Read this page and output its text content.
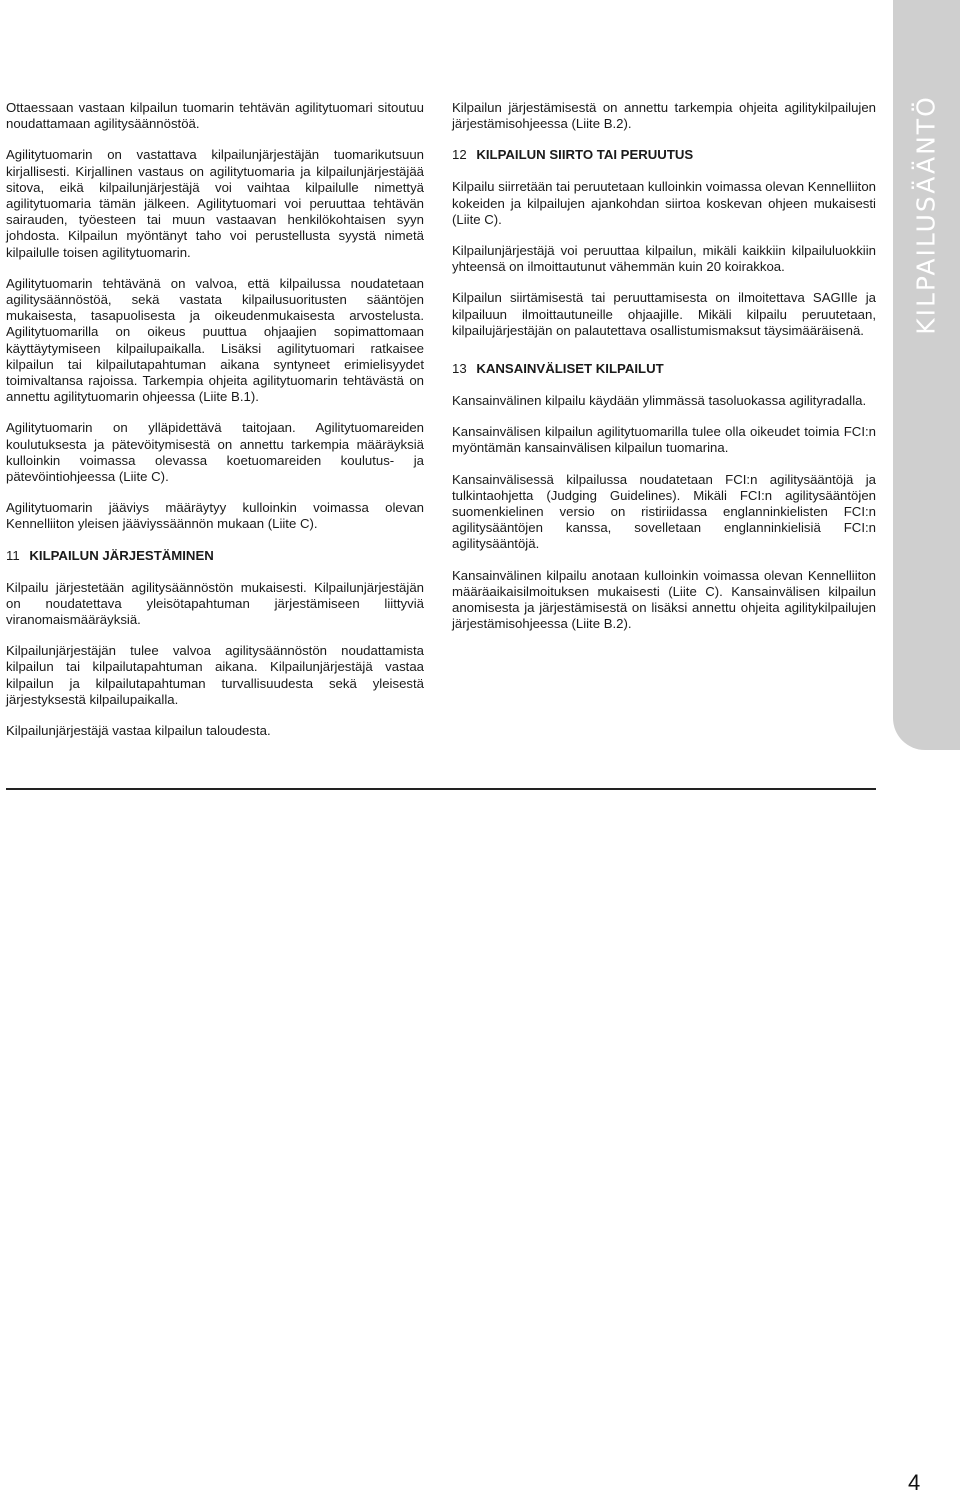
KILPAILUSÄÄNTÖ

Ottaessaan vastaan kilpailun tuomarin tehtävän agilitytuomari sitoutuu noudattamaan agilitysäännöstöä.

Agilitytuomarin on vastattava kilpailunjärjestäjän tuomarikutsuun kirjallisesti. Kirjallinen vastaus on agilitytuomaria ja kilpailunjärjestäjää sitova, eikä kilpailunjärjestäjä voi vaihtaa kilpailulle nimettyä agilitytuomaria tämän jälkeen. Agilitytuomari voi peruuttaa tehtävän sairauden, työesteen tai muun vastaavan henkilökohtaisen syyn johdosta. Kilpailun myöntänyt taho voi perustellusta syystä nimetä kilpailulle toisen agilitytuomarin.

Agilitytuomarin tehtävänä on valvoa, että kilpailussa noudatetaan agilitysäännöstöä, sekä vastata kilpailusuoritusten sääntöjen mukaisesta, tasapuolisesta ja oikeudenmukaisesta arvostelusta. Agilitytuomarilla on oikeus puuttua ohjaajien sopimattomaan käyttäytymiseen kilpailupaikalla. Lisäksi agilitytuomari ratkaisee kilpailun tai kilpailutapahtuman aikana syntyneet erimielisyydet toimivaltansa rajoissa. Tarkempia ohjeita agilitytuomarin tehtävästä on annettu agilitytuomarin ohjeessa (Liite B.1).

Agilitytuomarin on ylläpidettävä taitojaan. Agilitytuomareiden koulutuksesta ja pätevöitymisestä on annettu tarkempia määräyksiä kulloinkin voimassa olevassa koetuomareiden koulutus- ja pätevöintiohjeessa (Liite C).

Agilitytuomarin jääviys määräytyy kulloinkin voimassa olevan Kennelliiton yleisen jääviyssäännön mukaan (Liite C).

11 KILPAILUN JÄRJESTÄMINEN

Kilpailu järjestetään agilitysäännöstön mukaisesti. Kilpailunjärjestäjän on noudatettava yleisötapahtuman järjestämiseen liittyviä viranomaismääräyksiä.

Kilpailunjärjestäjän tulee valvoa agilitysäännöstön noudattamista kilpailun tai kilpailutapahtuman aikana. Kilpailunjärjestäjä vastaa kilpailun ja kilpailutapahtuman turvallisuudesta sekä yleisestä järjestyksestä kilpailupaikalla.

Kilpailunjärjestäjä vastaa kilpailun taloudesta.

Kilpailun järjestämisestä on annettu tarkempia ohjeita agilitykilpailujen järjestämisohjeessa (Liite B.2).

12 KILPAILUN SIIRTO TAI PERUUTUS

Kilpailu siirretään tai peruutetaan kulloinkin voimassa olevan Kennelliiton kokeiden ja kilpailujen ajankohdan siirtoa koskevan ohjeen mukaisesti (Liite C).

Kilpailunjärjestäjä voi peruuttaa kilpailun, mikäli kaikkiin kilpailuluokkiin yhteensä on ilmoittautunut vähemmän kuin 20 koirakkoa.

Kilpailun siirtämisestä tai peruuttamisesta on ilmoitettava SAGIlle ja kilpailuun ilmoittautuneille ohjaajille. Mikäli kilpailu peruutetaan, kilpailujärjestäjän on palautettava osallistumismaksut täysimääräisenä.

13 KANSAINVÄLISET KILPAILUT

Kansainvälinen kilpailu käydään ylimmässä tasoluokassa agilityradalla.

Kansainvälisen kilpailun agilitytuomarilla tulee olla oikeudet toimia FCI:n myöntämän kansainvälisen kilpailun tuomarina.

Kansainvälisessä kilpailussa noudatetaan FCI:n agilitysääntöjä ja tulkintaohjetta (Judging Guidelines). Mikäli FCI:n agilitysääntöjen suomenkielinen versio on ristiriidassa englanninkielisten FCI:n agilitysääntöjen kanssa, sovelletaan englanninkielisiä FCI:n agilitysääntöjä.

Kansainvälinen kilpailu anotaan kulloinkin voimassa olevan Kennelliiton määräaikaisilmoituksen mukaisesti (Liite C). Kansainvälisen kilpailun anomisesta ja järjestämisestä on lisäksi annettu ohjeita agilitykilpailujen järjestämisohjeessa (Liite B.2).

4
